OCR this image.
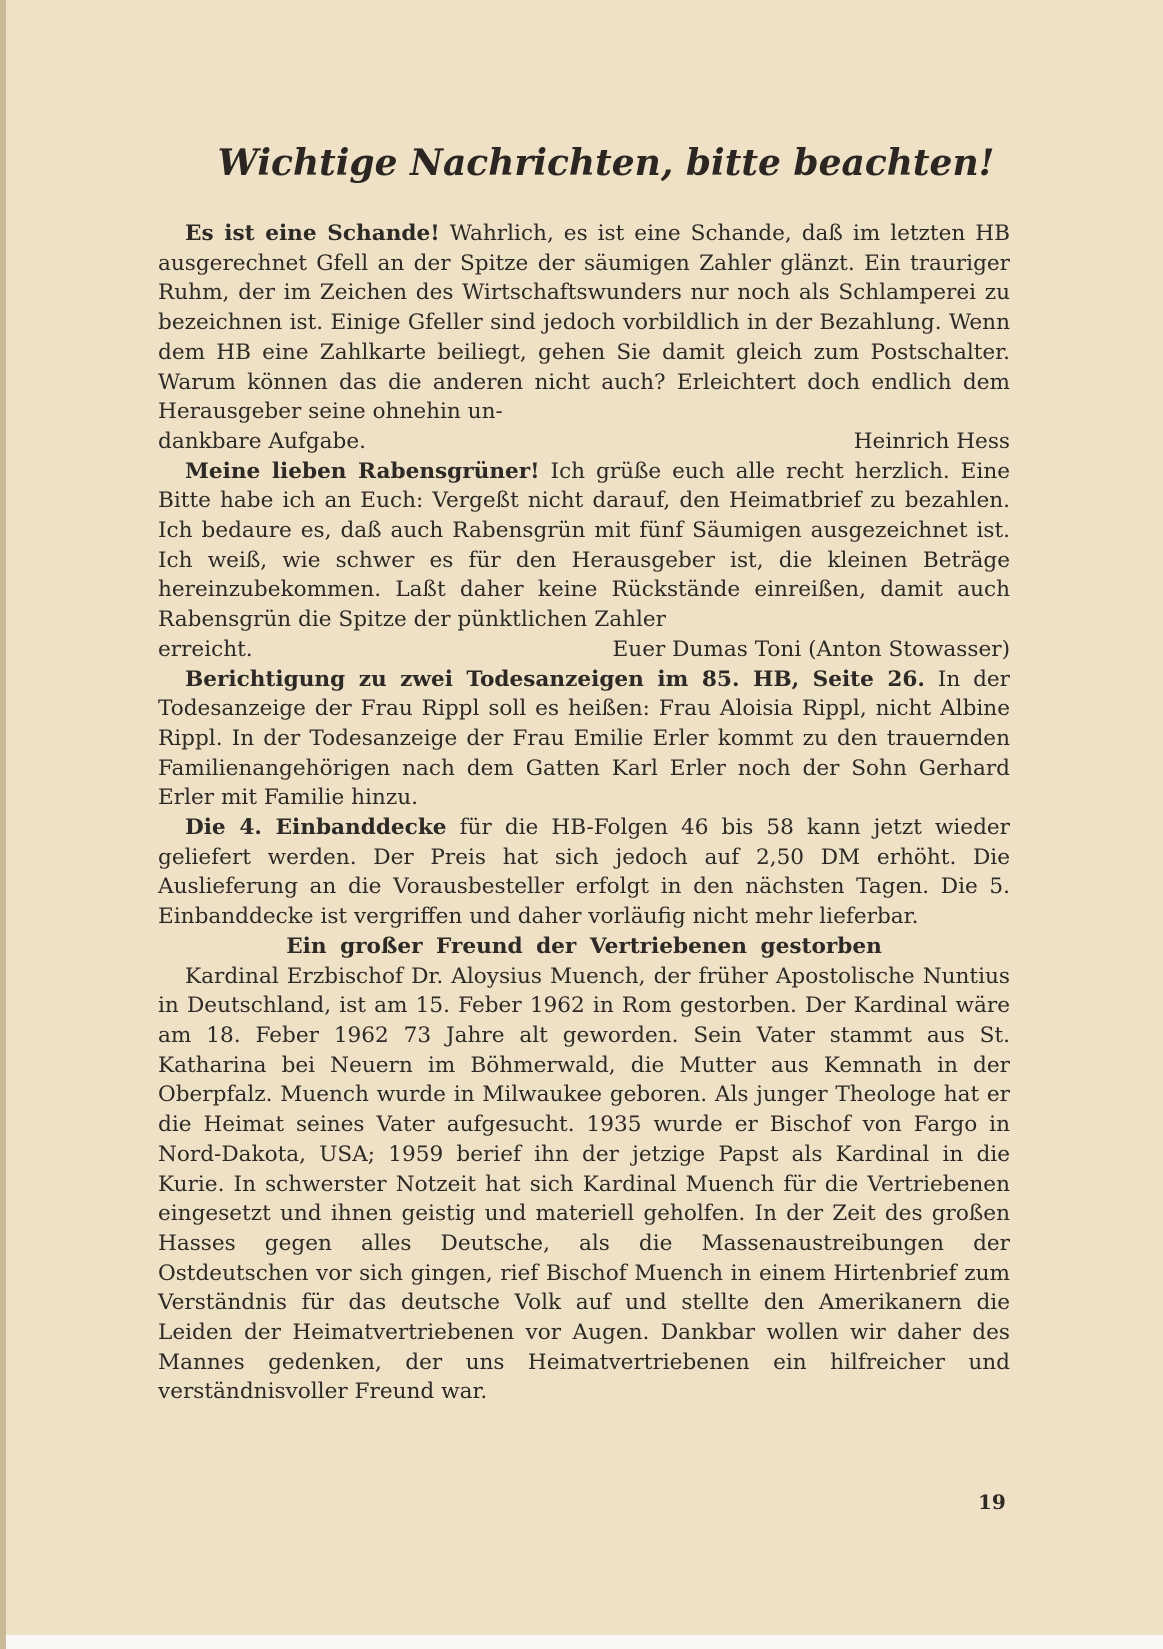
Wichtige Nachrichten, bitte beachten!

Es ist eine Schande! Wahrlich, es ist eine Schande, daß im letzten HB ausgerechnet Gfell an der Spitze der säumigen Zahler glänzt. Ein trauriger Ruhm, der im Zeichen des Wirtschaftswunders nur noch als Schlamperei zu bezeichnen ist. Einige Gfeller sind jedoch vorbildlich in der Bezahlung. Wenn dem HB eine Zahlkarte beiliegt, gehen Sie damit gleich zum Postschalter. Warum können das die anderen nicht auch? Erleichtert doch endlich dem Herausgeber seine ohnehin un-
dankbare Aufgabe.	Heinrich Hess

Meine lieben Rabensgrüner! Ich grüße euch alle recht herzlich. Eine Bitte habe ich an Euch: Vergeßt nicht darauf, den Heimatbrief zu bezahlen. Ich bedaure es, daß auch Rabensgrün mit fünf Säumigen ausgezeichnet ist. Ich weiß, wie schwer es für den Herausgeber ist, die kleinen Beträge hereinzubekommen. Laßt daher keine Rückstände einreißen, damit auch Rabensgrün die Spitze der pünktlichen Zahler
erreicht.	Euer Dumas Toni (Anton Stowasser)

Berichtigung zu zwei Todesanzeigen im 85. HB, Seite 26. In der Todesanzeige der Frau Rippl soll es heißen: Frau Aloisia Rippl, nicht Albine Rippl. In der Todesanzeige der Frau Emilie Erler kommt zu den trauernden Familienangehörigen nach dem Gatten Karl Erler noch der Sohn Gerhard Erler mit Familie hinzu.

Die 4. Einbanddecke für die HB-Folgen 46 bis 58 kann jetzt wieder geliefert werden. Der Preis hat sich jedoch auf 2,50 DM erhöht. Die Auslieferung an die Vorausbesteller erfolgt in den nächsten Tagen. Die 5. Einbanddecke ist vergriffen und daher vorläufig nicht mehr lieferbar.

Ein großer Freund der Vertriebenen gestorben

Kardinal Erzbischof Dr. Aloysius Muench, der früher Apostolische Nuntius in Deutschland, ist am 15. Feber 1962 in Rom gestorben. Der Kardinal wäre am 18. Feber 1962 73 Jahre alt geworden. Sein Vater stammt aus St. Katharina bei Neuern im Böhmerwald, die Mutter aus Kemnath in der Oberpfalz. Muench wurde in Milwaukee geboren. Als junger Theologe hat er die Heimat seines Vater aufgesucht. 1935 wurde er Bischof von Fargo in Nord-Dakota, USA; 1959 berief ihn der jetzige Papst als Kardinal in die Kurie. In schwerster Notzeit hat sich Kardinal Muench für die Vertriebenen eingesetzt und ihnen geistig und materiell geholfen. In der Zeit des großen Hasses gegen alles Deutsche, als die Massenaustreibungen der Ostdeutschen vor sich gingen, rief Bischof Muench in einem Hirtenbrief zum Verständnis für das deutsche Volk auf und stellte den Amerikanern die Leiden der Heimatvertriebenen vor Augen. Dankbar wollen wir daher des Mannes gedenken, der uns Heimatvertriebenen ein hilfreicher und verständnisvoller Freund war.

19
